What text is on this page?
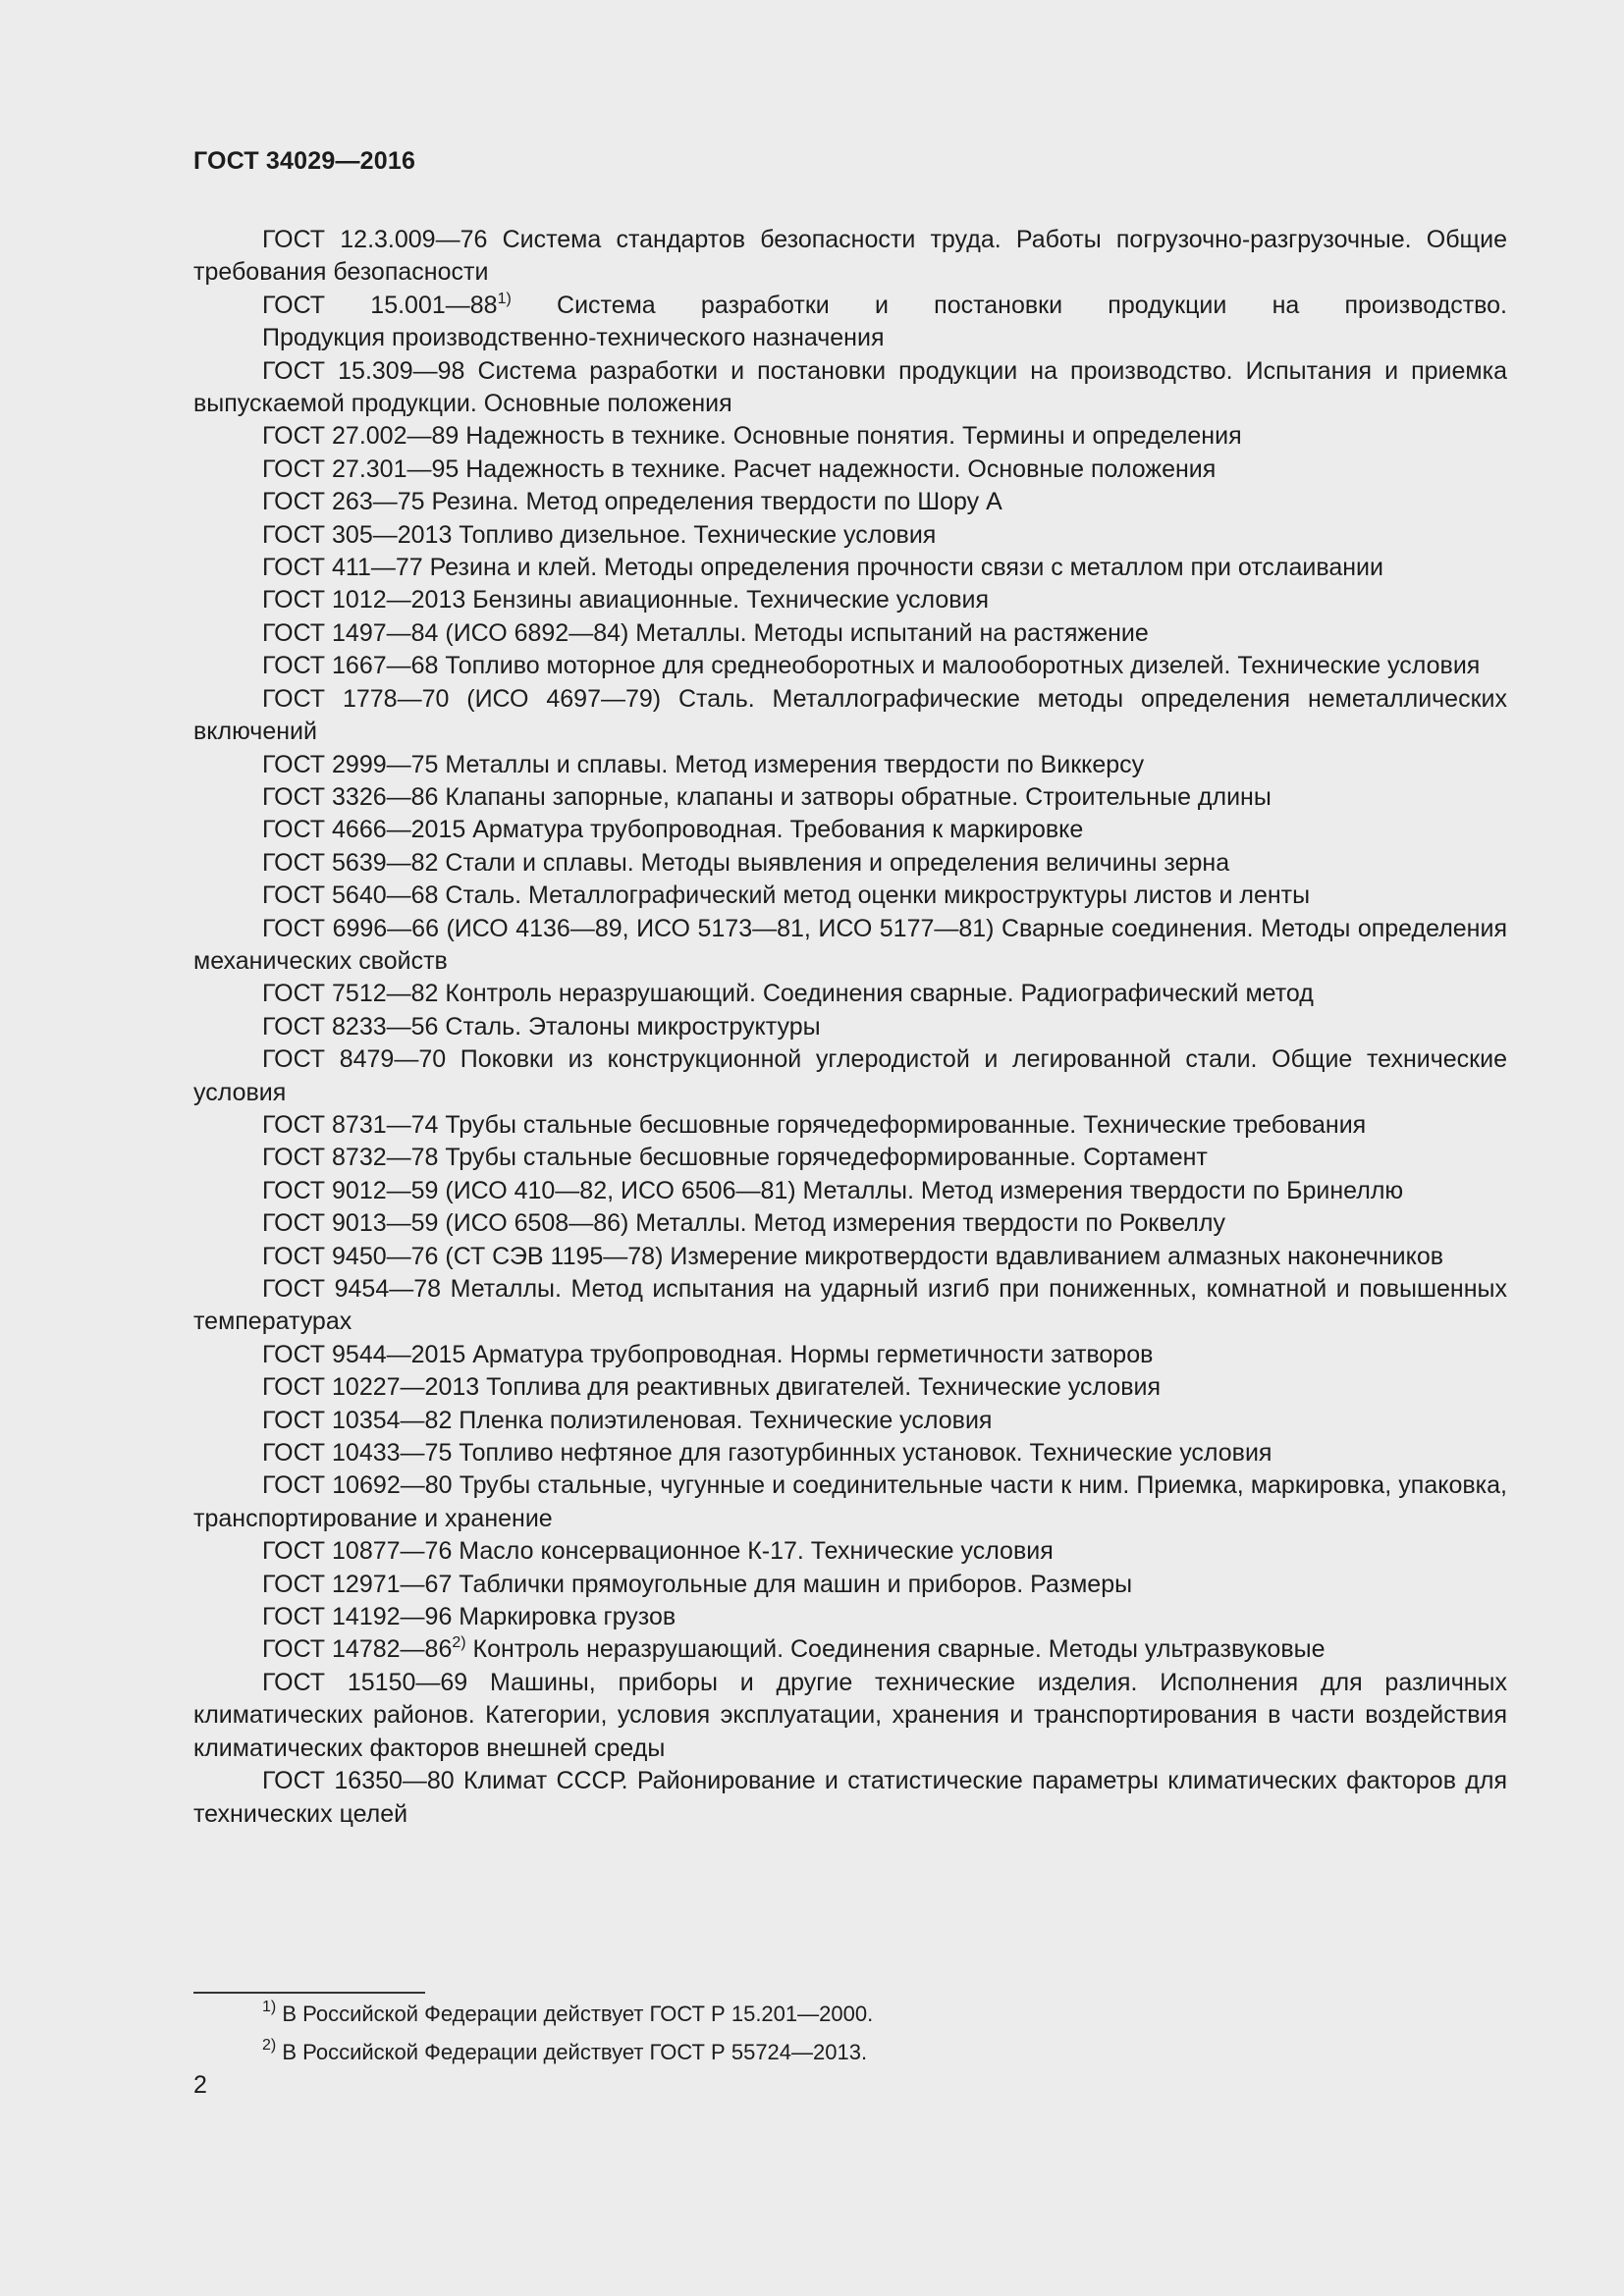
ГОСТ 34029—2016

ГОСТ 12.3.009—76 Система стандартов безопасности труда. Работы погрузочно-разгрузочные. Общие требования безопасности

ГОСТ 15.001—88$^{1)}$ Система разработки и постановки продукции на производство.

Продукция производственно-технического назначения

ГОСТ 15.309—98 Система разработки и постановки продукции на производство. Испытания и приемка выпускаемой продукции. Основные положения

ГОСТ 27.002—89 Надежность в технике. Основные понятия. Термины и определения

ГОСТ 27.301—95 Надежность в технике. Расчет надежности. Основные положения

ГОСТ 263—75 Резина. Метод определения твердости по Шору А

ГОСТ 305—2013 Топливо дизельное. Технические условия

ГОСТ 411—77 Резина и клей. Методы определения прочности связи с металлом при отслаивании

ГОСТ 1012—2013 Бензины авиационные. Технические условия

ГОСТ 1497—84 (ИСО 6892—84) Металлы. Методы испытаний на растяжение

ГОСТ 1667—68 Топливо моторное для среднеоборотных и малооборотных дизелей. Технические условия

ГОСТ 1778—70 (ИСО 4697—79) Сталь. Металлографические методы определения неметаллических включений

ГОСТ 2999—75 Металлы и сплавы. Метод измерения твердости по Виккерсу

ГОСТ 3326—86 Клапаны запорные, клапаны и затворы обратные. Строительные длины

ГОСТ 4666—2015 Арматура трубопроводная. Требования к маркировке

ГОСТ 5639—82 Стали и сплавы. Методы выявления и определения величины зерна

ГОСТ 5640—68 Сталь. Металлографический метод оценки микроструктуры листов и ленты

ГОСТ 6996—66 (ИСО 4136—89, ИСО 5173—81, ИСО 5177—81) Сварные соединения. Методы определения механических свойств

ГОСТ 7512—82 Контроль неразрушающий. Соединения сварные. Радиографический метод

ГОСТ 8233—56 Сталь. Эталоны микроструктуры

ГОСТ 8479—70 Поковки из конструкционной углеродистой и легированной стали. Общие технические условия

ГОСТ 8731—74 Трубы стальные бесшовные горячедеформированные. Технические требования

ГОСТ 8732—78 Трубы стальные бесшовные горячедеформированные. Сортамент

ГОСТ 9012—59 (ИСО 410—82, ИСО 6506—81) Металлы. Метод измерения твердости по Бринеллю

ГОСТ 9013—59 (ИСО 6508—86) Металлы. Метод измерения твердости по Роквеллу

ГОСТ 9450—76 (СТ СЭВ 1195—78) Измерение микротвердости вдавливанием алмазных наконечников

ГОСТ 9454—78 Металлы. Метод испытания на ударный изгиб при пониженных, комнатной и повышенных температурах

ГОСТ 9544—2015 Арматура трубопроводная. Нормы герметичности затворов

ГОСТ 10227—2013 Топлива для реактивных двигателей. Технические условия

ГОСТ 10354—82 Пленка полиэтиленовая. Технические условия

ГОСТ 10433—75 Топливо нефтяное для газотурбинных установок. Технические условия

ГОСТ 10692—80 Трубы стальные, чугунные и соединительные части к ним. Приемка, маркировка, упаковка, транспортирование и хранение

ГОСТ 10877—76 Масло консервационное К-17. Технические условия

ГОСТ 12971—67 Таблички прямоугольные для машин и приборов. Размеры

ГОСТ 14192—96 Маркировка грузов

ГОСТ 14782—86$^{2)}$ Контроль неразрушающий. Соединения сварные. Методы ультразвуковые

ГОСТ 15150—69 Машины, приборы и другие технические изделия. Исполнения для различных климатических районов. Категории, условия эксплуатации, хранения и транспортирования в части воздействия климатических факторов внешней среды

ГОСТ 16350—80 Климат СССР. Районирование и статистические параметры климатических факторов для технических целей

$^{1)}$ В Российской Федерации действует ГОСТ Р 15.201—2000.

$^{2)}$ В Российской Федерации действует ГОСТ Р 55724—2013.

2
